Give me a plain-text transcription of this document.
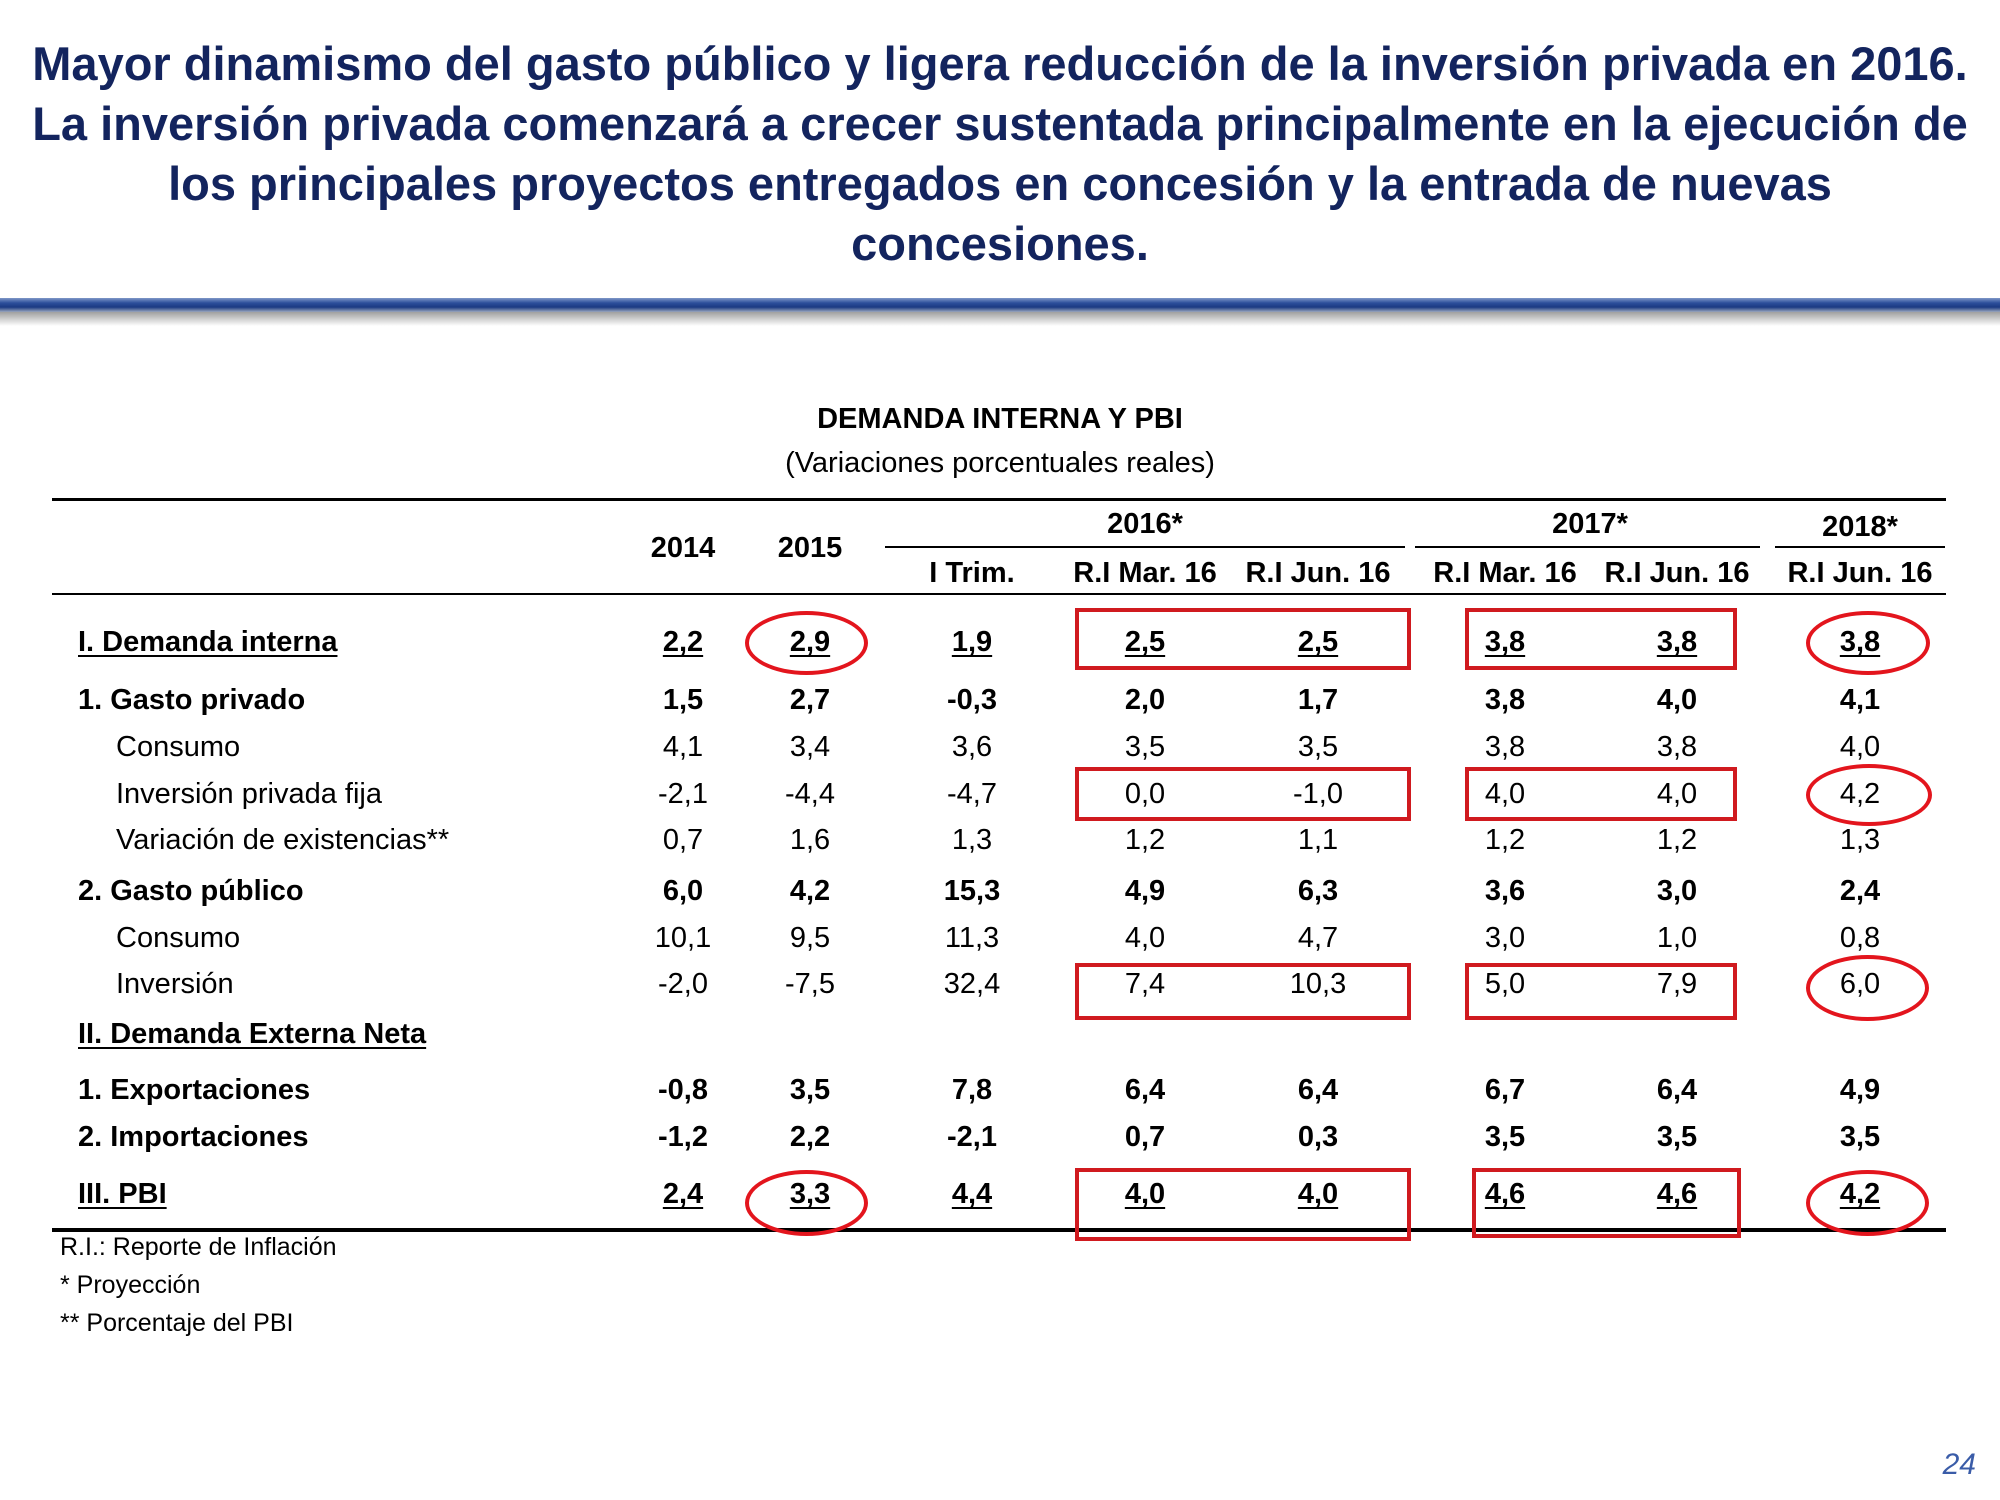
Mayor dinamismo del gasto público y ligera reducción de la inversión privada en 2016. La inversión privada comenzará a crecer sustentada principalmente en la ejecución de los principales proyectos entregados en concesión y la entrada de nuevas concesiones.
DEMANDA INTERNA Y PBI
(Variaciones porcentuales reales)
2014	2015
2016*	2017*	2018*
I Trim.	R.I Mar. 16 R.I Jun. 16 R.I Mar. 16 R.I Jun. 16 R.I Jun. 16
I. Demanda interna	2,2	2,9	1,9	2,5	2,5	3,8	3,8	3,8
1. Gasto privado	1,5	2,7	-0,3	2,0	1,7	3,8	4,0	4,1
Consumo	4,1	3,4	3,6	3,5	3,5	3,8	3,8	4,0
Inversión privada fija	-2,1	-4,4	-4,7	0,0	-1,0	4,0	4,0	4,2
Variación de existencias**	0,7	1,6	1,3	1,2	1,1	1,2	1,2	1,3
2. Gasto público	6,0	4,2	15,3	4,9	6,3	3,6	3,0	2,4
Consumo	10,1	9,5	11,3	4,0	4,7	3,0	1,0	0,8
Inversión	-2,0	-7,5	32,4	7,4	10,3	5,0	7,9	6,0
II. Demanda Externa Neta
1. Exportaciones	-0,8	3,5	7,8	6,4	6,4	6,7	6,4	4,9
2. Importaciones	-1,2	2,2	-2,1	0,7	0,3	3,5	3,5	3,5
III. PBI	2,4	3,3	4,4	4,0	4,0	4,6	4,6	4,2
R.I.: Reporte de Inflación
* Proyección
** Porcentaje del PBI
24
